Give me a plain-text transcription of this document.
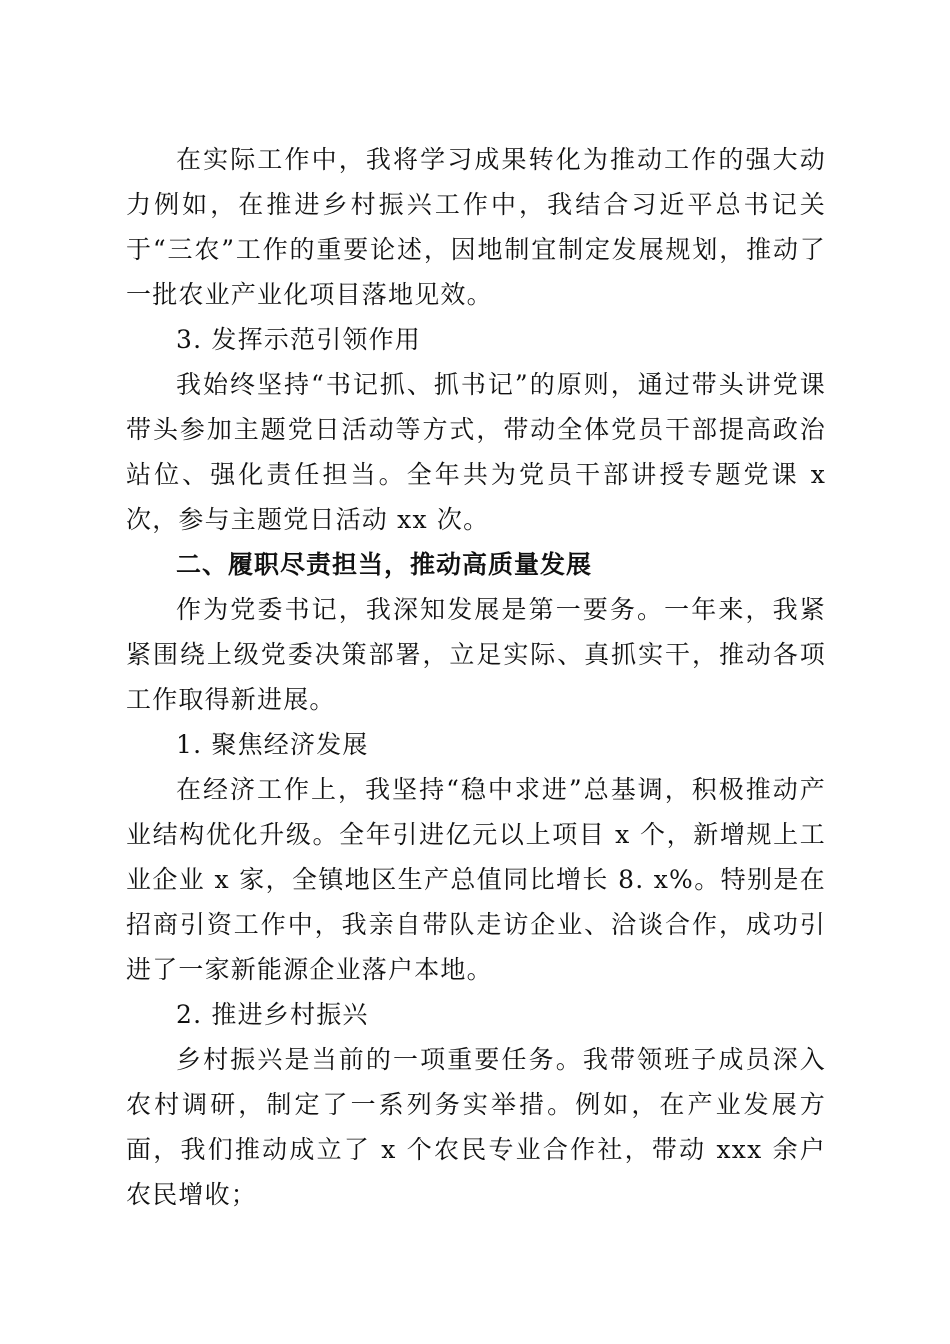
在实际工作中，我将学习成果转化为推动工作的强大动力例如，在推进乡村振兴工作中，我结合习近平总书记关于“三农”工作的重要论述，因地制宜制定发展规划，推动了一批农业产业化项目落地见效。

3. 发挥示范引领作用

我始终坚持“书记抓、抓书记”的原则，通过带头讲党课带头参加主题党日活动等方式，带动全体党员干部提高政治站位、强化责任担当。全年共为党员干部讲授专题党课 x 次，参与主题党日活动 xx 次。

二、履职尽责担当，推动高质量发展

作为党委书记，我深知发展是第一要务。一年来，我紧紧围绕上级党委决策部署，立足实际、真抓实干，推动各项工作取得新进展。

1. 聚焦经济发展

在经济工作上，我坚持“稳中求进”总基调，积极推动产业结构优化升级。全年引进亿元以上项目 x 个，新增规上工业企业 x 家，全镇地区生产总值同比增长 8. x%。特别是在招商引资工作中，我亲自带队走访企业、洽谈合作，成功引进了一家新能源企业落户本地。

2. 推进乡村振兴

乡村振兴是当前的一项重要任务。我带领班子成员深入农村调研，制定了一系列务实举措。例如，在产业发展方面，我们推动成立了 x 个农民专业合作社，带动 xxx 余户农民增收；
